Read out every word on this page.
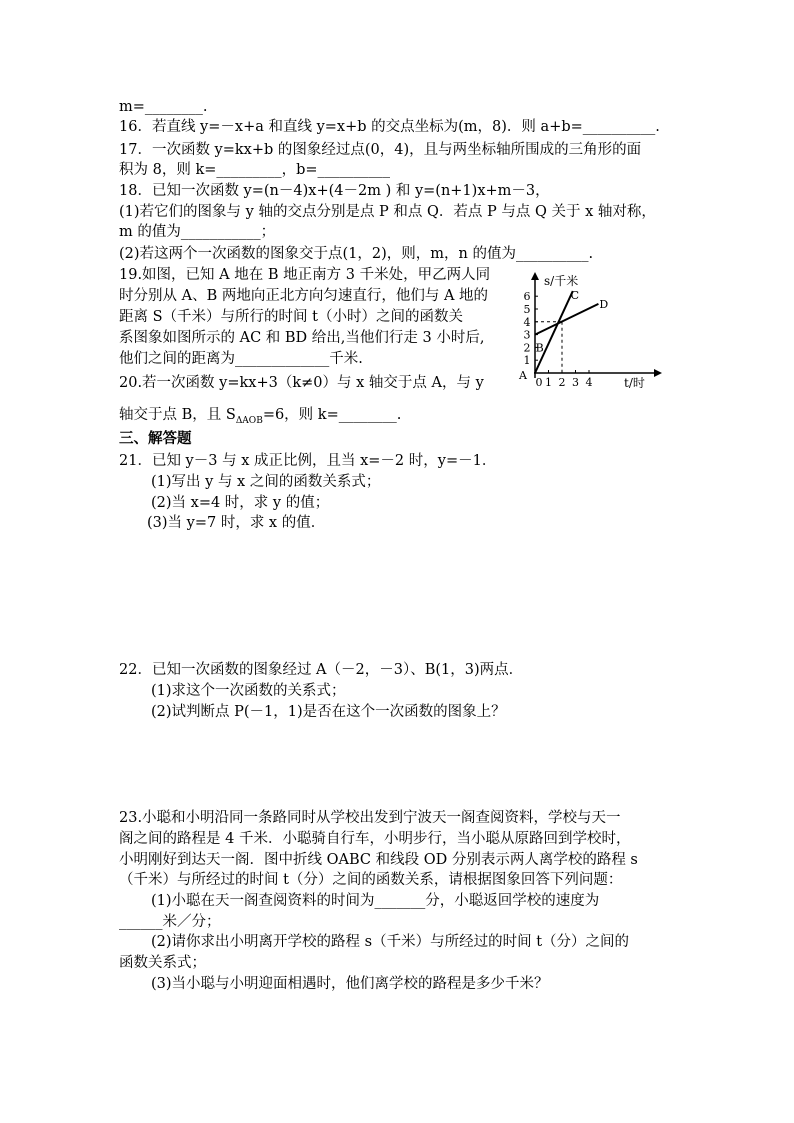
m=________.
16．若直线 y=－x+a 和直线 y=x+b 的交点坐标为(m，8)．则 a+b=__________.
17．一次函数 y=kx+b 的图象经过点(0，4)，且与两坐标轴所围成的三角形的面
积为 8，则 k=_________，b=__________
18．已知一次函数 y=(n－4)x+(4－2m ) 和 y=(n+1)x+m－3，
(1)若它们的图象与 y 轴的交点分别是点 P 和点 Q．若点 P 与点 Q 关于 x 轴对称，
m 的值为___________；
(2)若这两个一次函数的图象交于点(1，2)，则，m，n 的值为__________.
19.如图，已知 A 地在 B 地正南方 3 千米处，甲乙两人同
时分别从 A、B 两地向正北方向匀速直行，他们与 A 地的
距离 S（千米）与所行的时间 t（小时）之间的函数关
系图象如图所示的 AC 和 BD 给出,当他们行走 3 小时后,
他们之间的距离为_____________千米.
20.若一次函数 y=kx+3（k≠0）与 x 轴交于点 A，与 y
轴交于点 B，且 $S_{\Delta AOB}=6$，则 k=________.
三、解答题
21．已知 y－3 与 x 成正比例，且当 x=－2 时，y=－1．
(1)写出 y 与 x 之间的函数关系式；
(2)当 x=4 时，求 y 的值；
(3)当 y=7 时，求 x 的值．
22．已知一次函数的图象经过 A（－2，－3）、B(1，3)两点．
(1)求这个一次函数的关系式；
(2)试判断点 P(－1，1)是否在这个一次函数的图象上？
23.小聪和小明沿同一条路同时从学校出发到宁波天一阁查阅资料，学校与天一
阁之间的路程是 4 千米．小聪骑自行车，小明步行，当小聪从原路回到学校时，
小明刚好到达天一阁．图中折线 OABC 和线段 OD 分别表示两人离学校的路程 s
（千米）与所经过的时间 t（分）之间的函数关系，请根据图象回答下列问题：
(1)小聪在天一阁查阅资料的时间为_______分，小聪返回学校的速度为
______米／分；
(2)请你求出小明离开学校的路程 s（千米）与所经过的时间 t（分）之间的
函数关系式；
(3)当小聪与小明迎面相遇时，他们离学校的路程是多少千米？
1
2
3
4
5
6
0 1 2 3 4
B
C
D
s/千米
t/时
A
